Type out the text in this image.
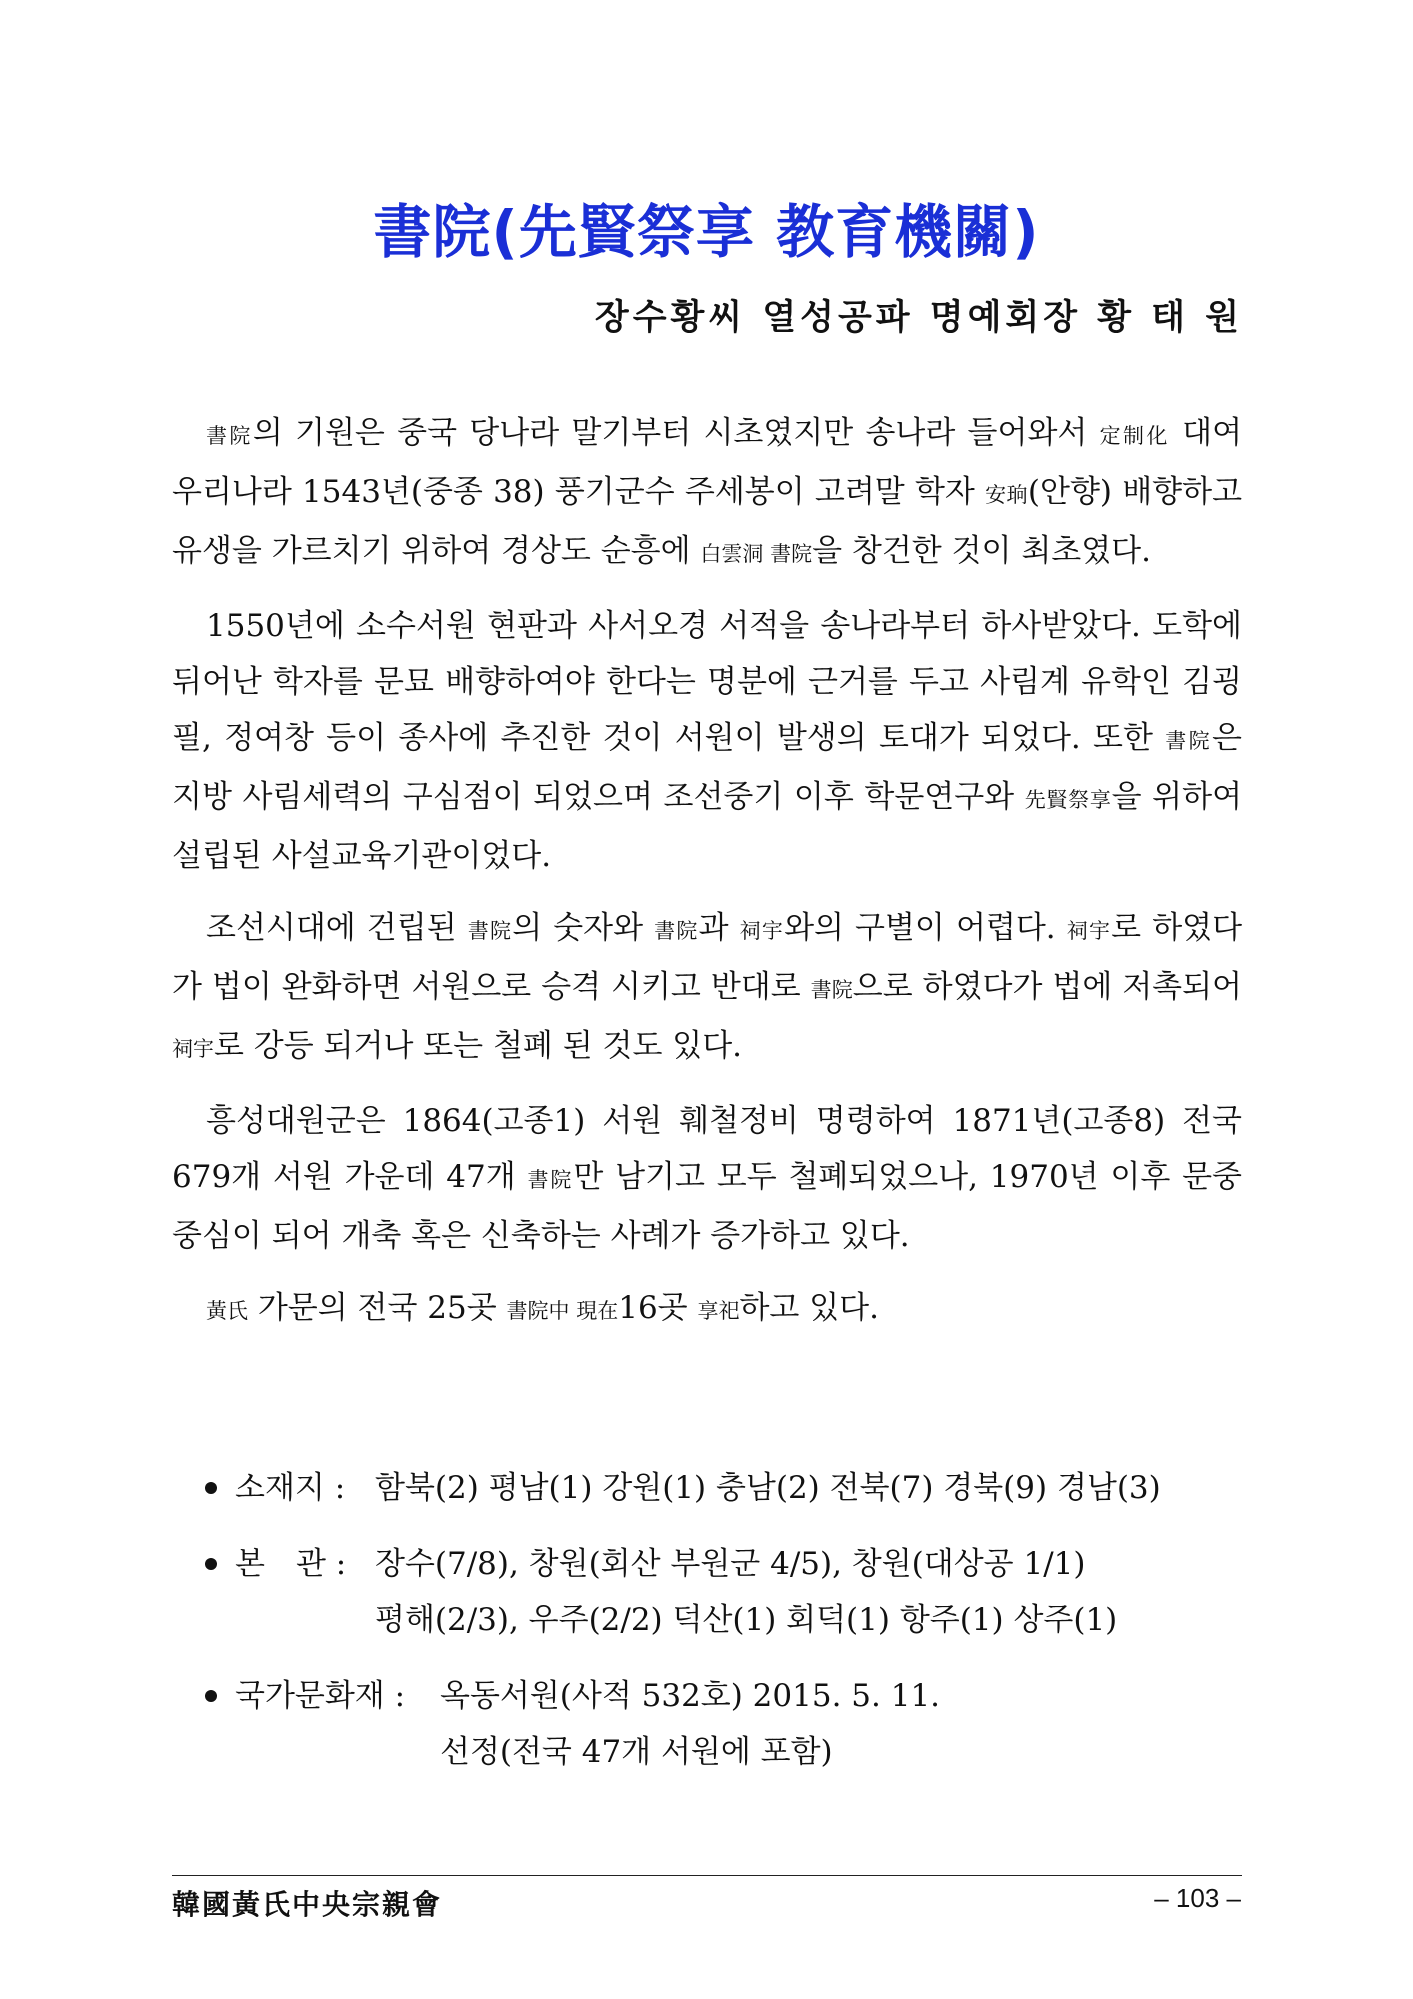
書院(先賢祭享 教育機關)
장수황씨 열성공파 명예회장 황 태 원

書院의 기원은 중국 당나라 말기부터 시초였지만 송나라 들어와서 定制化 대여 우리나라 1543년(중종 38) 풍기군수 주세봉이 고려말 학자 安珦(안향) 배향하고 유생을 가르치기 위하여 경상도 순흥에 白雲洞 書院을 창건한 것이 최초였다.

1550년에 소수서원 현판과 사서오경 서적을 송나라부터 하사받았다. 도학에 뒤어난 학자를 문묘 배향하여야 한다는 명분에 근거를 두고 사림계 유학인 김굉필, 정여창 등이 종사에 추진한 것이 서원이 발생의 토대가 되었다. 또한 書院은 지방 사림세력의 구심점이 되었으며 조선중기 이후 학문연구와 先賢祭享을 위하여 설립된 사설교육기관이었다.

조선시대에 건립된 書院의 숫자와 書院과 祠宇와의 구별이 어렵다. 祠宇로 하였다가 법이 완화하면 서원으로 승격 시키고 반대로 書院으로 하였다가 법에 저촉되어 祠宇로 강등 되거나 또는 철폐 된 것도 있다.

흥성대원군은 1864(고종1) 서원 훼철정비 명령하여 1871년(고종8) 전국 679개 서원 가운데 47개 書院만 남기고 모두 철폐되었으나, 1970년 이후 문중 중심이 되어 개축 혹은 신축하는 사례가 증가하고 있다.

黃氏 가문의 전국 25곳 書院中 現在16곳 享祀하고 있다.

소재지 : 함북(2) 평남(1) 강원(1) 충남(2) 전북(7) 경북(9) 경남(3)
본　관 : 장수(7/8), 창원(회산 부원군 4/5), 창원(대상공 1/1)
평해(2/3), 우주(2/2) 덕산(1) 회덕(1) 항주(1) 상주(1)
국가문화재 : 옥동서원(사적 532호) 2015. 5. 11.
선정(전국 47개 서원에 포함)
韓國黃氏中央宗親會	– 103 –
